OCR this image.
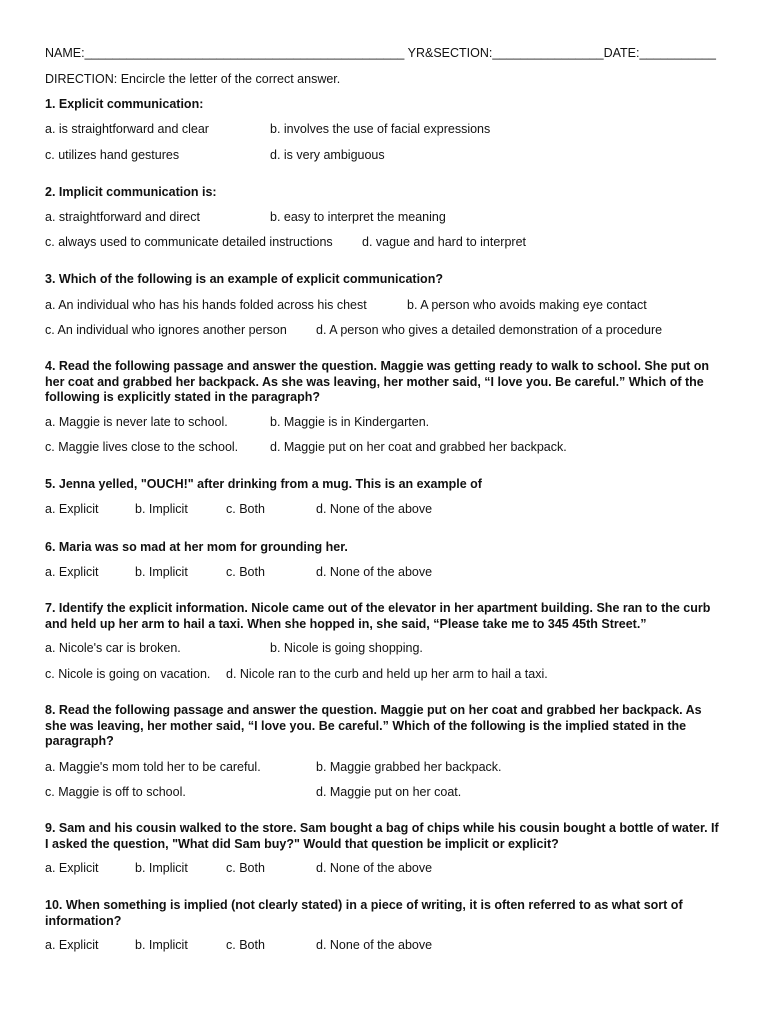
NAME:______________________________________________ YR&SECTION:________________DATE:___________
DIRECTION: Encircle the letter of the correct answer.
1. Explicit communication:
a. is straightforward and clear	b. involves the use of facial expressions
c. utilizes hand gestures	d. is very ambiguous
2. Implicit communication is:
a. straightforward and direct	b. easy to interpret the meaning
c. always used to communicate detailed instructions d. vague and hard to interpret
3. Which of the following is an example of explicit communication?
a. An individual who has his hands folded across his chest	b. A person who avoids making eye contact
c. An individual who ignores another person d. A person who gives a detailed demonstration of a procedure
4. Read the following passage and answer the question. Maggie was getting ready to walk to school. She put on
her coat and grabbed her backpack. As she was leaving, her mother said, “I love you. Be careful.” Which of the
following is explicitly stated in the paragraph?
a. Maggie is never late to school.	b. Maggie is in Kindergarten.
c. Maggie lives close to the school.	d. Maggie put on her coat and grabbed her backpack.
5. Jenna yelled, "OUCH!" after drinking from a mug. This is an example of
a. Explicit	b. Implicit	c. Both	d. None of the above
6. Maria was so mad at her mom for grounding her.
a. Explicit	b. Implicit	c. Both	d. None of the above
7. Identify the explicit information. Nicole came out of the elevator in her apartment building. She ran to the curb
and held up her arm to hail a taxi. When she hopped in, she said, “Please take me to 345 45th Street.”
a. Nicole's car is broken.	b. Nicole is going shopping.
c. Nicole is going on vacation. d. Nicole ran to the curb and held up her arm to hail a taxi.
8. Read the following passage and answer the question. Maggie put on her coat and grabbed her backpack. As
she was leaving, her mother said, “I love you. Be careful.” Which of the following is the implied stated in the
paragraph?
a. Maggie's mom told her to be careful.	b. Maggie grabbed her backpack.
c. Maggie is off to school.	d. Maggie put on her coat.
9. Sam and his cousin walked to the store. Sam bought a bag of chips while his cousin bought a bottle of water. If
I asked the question, "What did Sam buy?" Would that question be implicit or explicit?
a. Explicit	b. Implicit	c. Both	d. None of the above
10. When something is implied (not clearly stated) in a piece of writing, it is often referred to as what sort of
information?
a. Explicit	b. Implicit	c. Both	d. None of the above
